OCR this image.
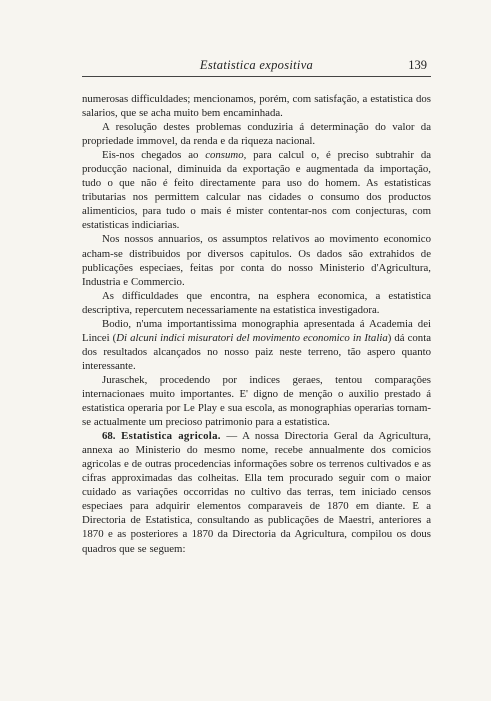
Estatistica expositiva	139

numerosas difficuldades; mencionamos, porém, com satisfação, a estatistica dos salarios, que se acha muito bem encaminhada.

A resolução destes problemas conduziria á determinação do valor da propriedade immovel, da renda e da riqueza nacional.

Eis-nos chegados ao consumo, para calcul o, é preciso subtrahir da producção nacional, diminuida da exportação e augmentada da importação, tudo o que não é feito directamente para uso do homem. As estatisticas tributarias nos permittem calcular nas cidades o consumo dos productos alimenticios, para tudo o mais é mister contentar-nos com conjecturas, com estatisticas indiciarias.

Nos nossos annuarios, os assumptos relativos ao movimento economico acham-se distribuidos por diversos capitulos. Os dados são extrahidos de publicações especiaes, feitas por conta do nosso Ministerio d'Agricultura, Industria e Commercio.

As difficuldades que encontra, na esphera economica, a estatistica descriptiva, repercutem necessariamente na estatistica investigadora.

Bodio, n'uma importantissima monographia apresentada á Academia dei Lincei (Di alcuni indici misuratori del movimento economico in Italia) dá conta dos resultados alcançados no nosso paiz neste terreno, tão aspero quanto interessante.

Juraschek, procedendo por indices geraes, tentou comparações internacionaes muito importantes. E' digno de menção o auxilio prestado á estatistica operaria por Le Play e sua escola, as monographias operarias tornam-se actualmente um precioso patrimonio para a estatistica.

68. Estatistica agricola. — A nossa Directoria Geral da Agricultura, annexa ao Ministerio do mesmo nome, recebe annualmente dos comicios agricolas e de outras procedencias informações sobre os terrenos cultivados e as cifras approximadas das colheitas. Ella tem procurado seguir com o maior cuidado as variações occorridas no cultivo das terras, tem iniciado censos especiaes para adquirir elementos comparaveis de 1870 em diante. E a Directoria de Estatistica, consultando as publicações de Maestri, anteriores a 1870 e as posteriores a 1870 da Directoria da Agricultura, compilou os dous quadros que se seguem:
